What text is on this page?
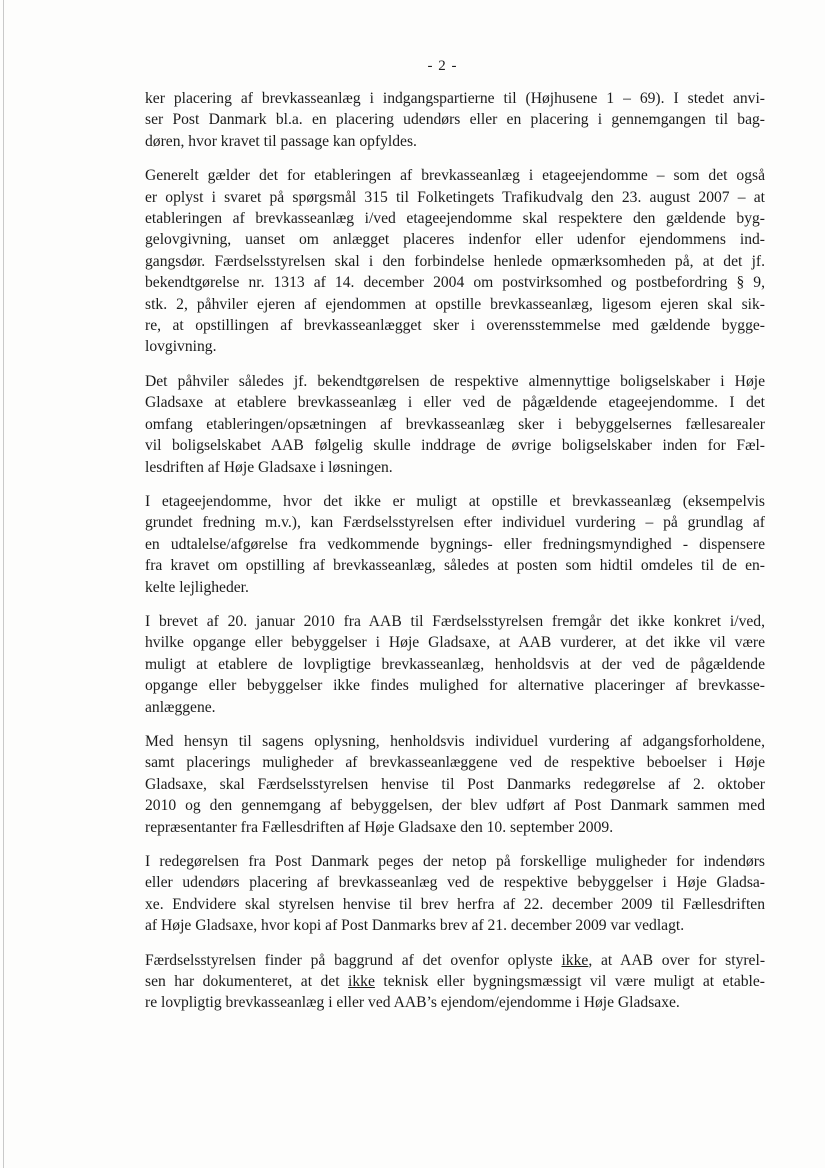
- 2 -

ker placering af brevkasseanlæg i indgangspartierne til (Højhusene 1 – 69). I stedet anvi-
ser Post Danmark bl.a. en placering udendørs eller en placering i gennemgangen til bag-
døren, hvor kravet til passage kan opfyldes.

Generelt gælder det for etableringen af brevkasseanlæg i etageejendomme – som det også
er oplyst i svaret på spørgsmål 315 til Folketingets Trafikudvalg den 23. august 2007 – at
etableringen af brevkasseanlæg i/ved etageejendomme skal respektere den gældende byg-
gelovgivning, uanset om anlægget placeres indenfor eller udenfor ejendommens ind-
gangsdør. Færdselsstyrelsen skal i den forbindelse henlede opmærksomheden på, at det jf.
bekendtgørelse nr. 1313 af 14. december 2004 om postvirksomhed og postbefordring § 9,
stk. 2, påhviler ejeren af ejendommen at opstille brevkasseanlæg, ligesom ejeren skal sik-
re, at opstillingen af brevkasseanlægget sker i overensstemmelse med gældende bygge-
lovgivning.

Det påhviler således jf. bekendtgørelsen de respektive almennyttige boligselskaber i Høje
Gladsaxe at etablere brevkasseanlæg i eller ved de pågældende etageejendomme. I det
omfang etableringen/opsætningen af brevkasseanlæg sker i bebyggelsernes fællesarealer
vil boligselskabet AAB følgelig skulle inddrage de øvrige boligselskaber inden for Fæl-
lesdriften af Høje Gladsaxe i løsningen.

I etageejendomme, hvor det ikke er muligt at opstille et brevkasseanlæg (eksempelvis
grundet fredning m.v.), kan Færdselsstyrelsen efter individuel vurdering – på grundlag af
en udtalelse/afgørelse fra vedkommende bygnings- eller fredningsmyndighed - dispensere
fra kravet om opstilling af brevkasseanlæg, således at posten som hidtil omdeles til de en-
kelte lejligheder.

I brevet af 20. januar 2010 fra AAB til Færdselsstyrelsen fremgår det ikke konkret i/ved,
hvilke opgange eller bebyggelser i Høje Gladsaxe, at AAB vurderer, at det ikke vil være
muligt at etablere de lovpligtige brevkasseanlæg, henholdsvis at der ved de pågældende
opgange eller bebyggelser ikke findes mulighed for alternative placeringer af brevkasse-
anlæggene.

Med hensyn til sagens oplysning, henholdsvis individuel vurdering af adgangsforholdene,
samt placerings muligheder af brevkasseanlæggene ved de respektive beboelser i Høje
Gladsaxe, skal Færdselsstyrelsen henvise til Post Danmarks redegørelse af 2. oktober
2010 og den gennemgang af bebyggelsen, der blev udført af Post Danmark sammen med
repræsentanter fra Fællesdriften af Høje Gladsaxe den 10. september 2009.

I redegørelsen fra Post Danmark peges der netop på forskellige muligheder for indendørs
eller udendørs placering af brevkasseanlæg ved de respektive bebyggelser i Høje Gladsa-
xe. Endvidere skal styrelsen henvise til brev herfra af 22. december 2009 til Fællesdriften
af Høje Gladsaxe, hvor kopi af Post Danmarks brev af 21. december 2009 var vedlagt.

Færdselsstyrelsen finder på baggrund af det ovenfor oplyste ikke, at AAB over for styrel-
sen har dokumenteret, at det ikke teknisk eller bygningsmæssigt vil være muligt at etable-
re lovpligtig brevkasseanlæg i eller ved AAB’s ejendom/ejendomme i Høje Gladsaxe.
